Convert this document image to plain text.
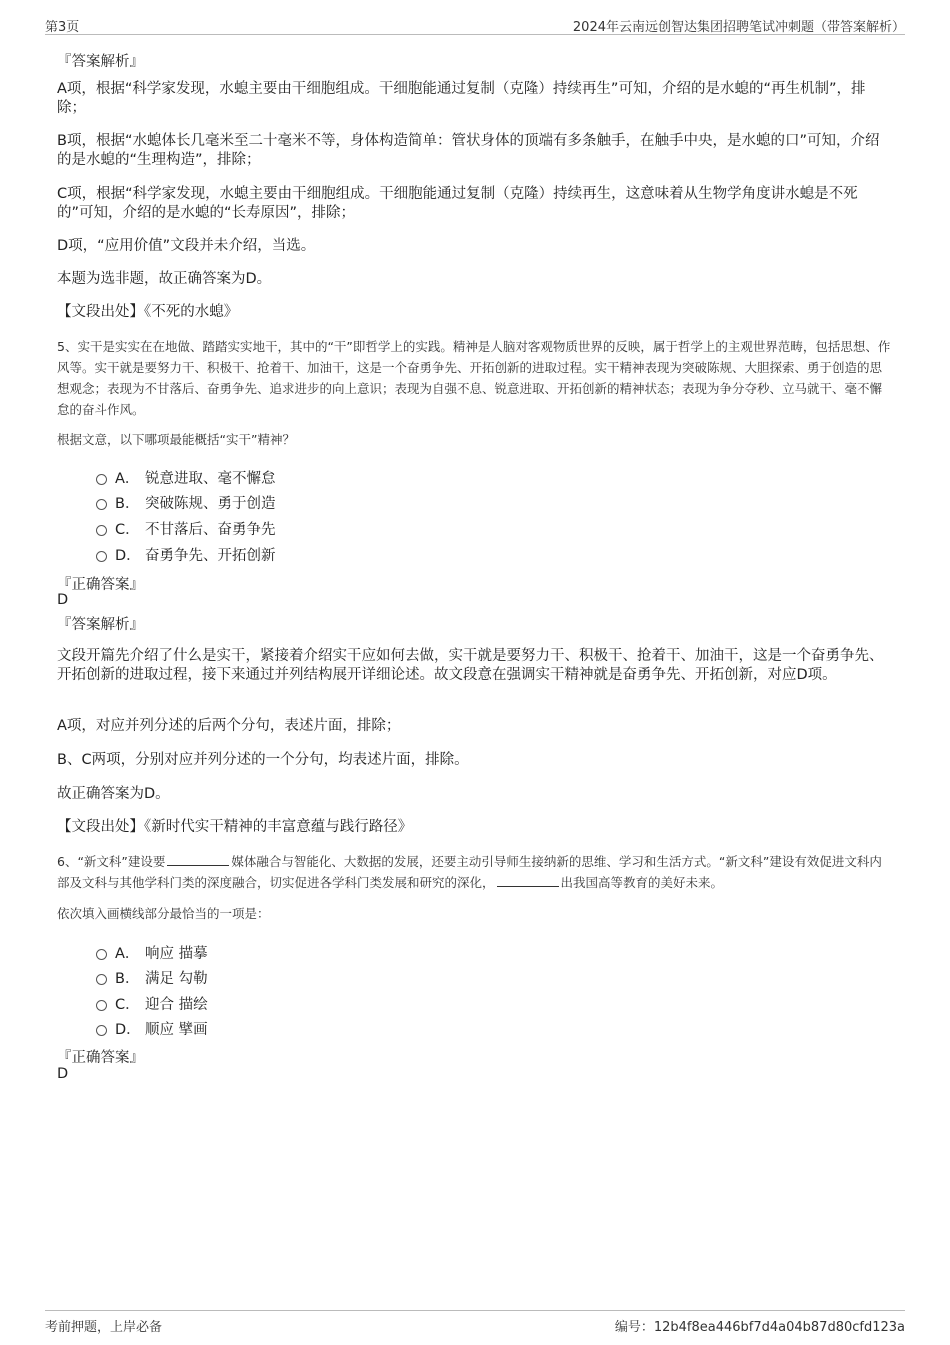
第3页	2024年云南远创智达集团招聘笔试冲刺题（带答案解析）
『答案解析』
A项，根据“科学家发现，水螅主要由干细胞组成。干细胞能通过复制（克隆）持续再生”可知，介绍的是水螅的“再生机制”，排除；
B项，根据“水螅体长几毫米至二十毫米不等，身体构造简单：管状身体的顶端有多条触手，在触手中央，是水螅的口”可知，介绍的是水螅的“生理构造”，排除；
C项，根据“科学家发现，水螅主要由干细胞组成。干细胞能通过复制（克隆）持续再生，这意味着从生物学角度讲水螅是不死的”可知，介绍的是水螅的“长寿原因”，排除；
D项，“应用价值”文段并未介绍，当选。
本题为选非题，故正确答案为D。
【文段出处】《不死的水螅》
5、实干是实实在在地做、踏踏实实地干，其中的“干”即哲学上的实践。精神是人脑对客观物质世界的反映，属于哲学上的主观世界范畴，包括思想、作风等。实干就是要努力干、积极干、抢着干、加油干，这是一个奋勇争先、开拓创新的进取过程。实干精神表现为突破陈规、大胆探索、勇于创造的思想观念；表现为不甘落后、奋勇争先、追求进步的向上意识；表现为自强不息、锐意进取、开拓创新的精神状态；表现为争分夺秒、立马就干、毫不懈怠的奋斗作风。
根据文意，以下哪项最能概括“实干”精神？
A． 锐意进取、毫不懈怠
B． 突破陈规、勇于创造
C． 不甘落后、奋勇争先
D． 奋勇争先、开拓创新
『正确答案』
D
『答案解析』
文段开篇先介绍了什么是实干，紧接着介绍实干应如何去做，实干就是要努力干、积极干、抢着干、加油干，这是一个奋勇争先、开拓创新的进取过程，接下来通过并列结构展开详细论述。故文段意在强调实干精神就是奋勇争先、开拓创新，对应D项。
A项，对应并列分述的后两个分句，表述片面，排除；
B、C两项，分别对应并列分述的一个分句，均表述片面，排除。
故正确答案为D。
【文段出处】《新时代实干精神的丰富意蕴与践行路径》
6、“新文科”建设要	媒体融合与智能化、大数据的发展，还要主动引导师生接纳新的思维、学习和生活方式。“新文科”建设有效促进文科内部及文科与其他学科门类的深度融合，切实促进各学科门类发展和研究的深化，	出我国高等教育的美好未来。
依次填入画横线部分最恰当的一项是：
A． 响应 描摹
B． 满足 勾勒
C． 迎合 描绘
D． 顺应 擘画
『正确答案』
D
考前押题，上岸必备	编号：12b4f8ea446bf7d4a04b87d80cfd123a
